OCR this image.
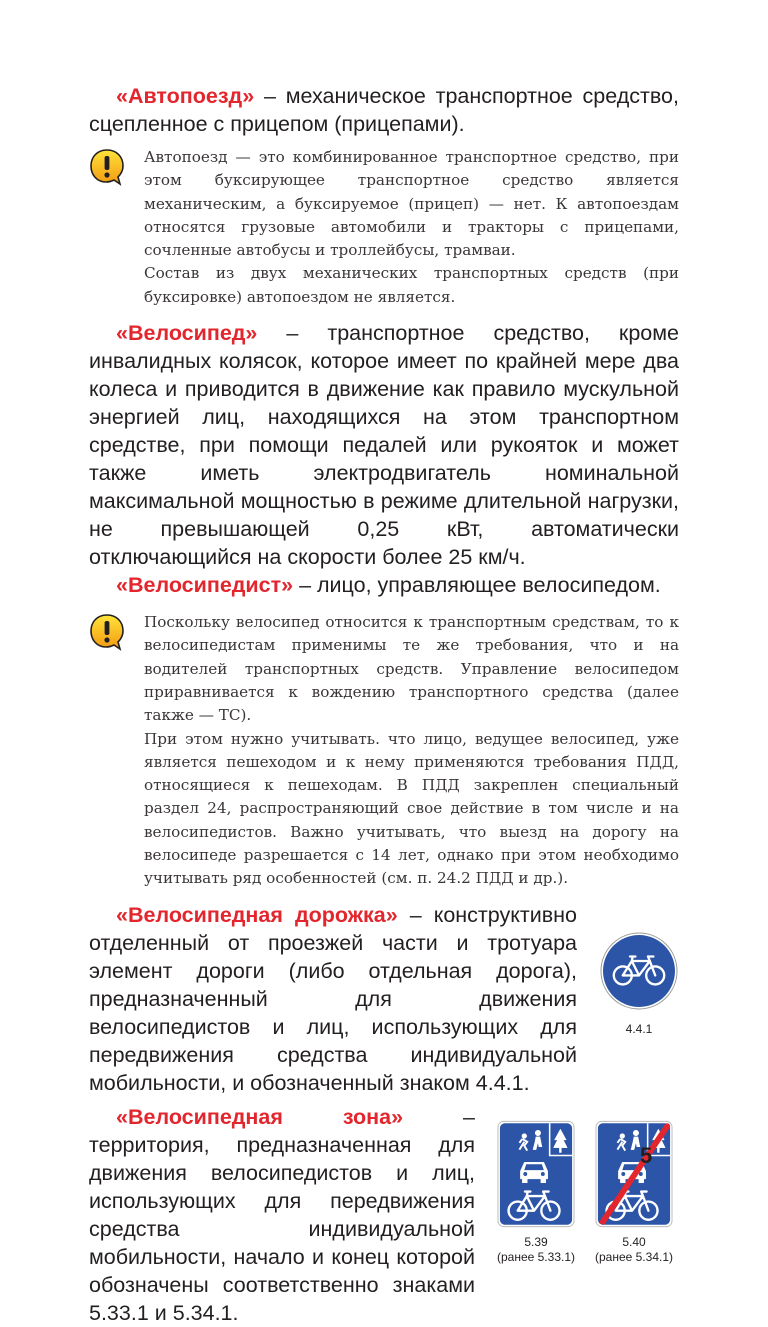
«Автопоезд» – механическое транспортное средство, сцепленное с прицепом (прицепами).

Автопоезд — это комбинированное транспортное средство, при этом буксирующее транспортное средство является механическим, а буксируемое (прицеп) — нет. К автопоездам относятся грузовые автомобили и тракторы с прицепами, сочленные автобусы и троллейбусы, трамваи.

Состав из двух механических транспортных средств (при буксировке) автопоездом не является.

«Велосипед» – транспортное средство, кроме инвалидных колясок, которое имеет по крайней мере два колеса и приводится в движение как правило мускульной энергией лиц, находящихся на этом транспортном средстве, при помощи педалей или рукояток и может также иметь электродвигатель номинальной максимальной мощностью в режиме длительной нагрузки, не превышающей 0,25 кВт, автоматически отключающийся на скорости более 25 км/ч.
«Велосипедист» – лицо, управляющее велосипедом.

Поскольку велосипед относится к транспортным средствам, то к велосипедистам применимы те же требования, что и на водителей транспортных средств. Управление велосипедом приравнивается к вождению транспортного средства (далее также — ТС).

При этом нужно учитывать. что лицо, ведущее велосипед, уже является пешеходом и к нему применяются требования ПДД, относящиеся к пешеходам. В ПДД закреплен специальный раздел 24, распространяющий свое действие в том числе и на велосипедистов. Важно учитывать, что выезд на дорогу на велосипеде разрешается с 14 лет, однако при этом необходимо учитывать ряд особенностей (см. п. 24.2 ПДД и др.).

«Велосипедная дорожка» – конструктивно отделенный от проезжей части и тротуара элемент дороги (либо отдельная дорога), предназначенный для движения велосипедистов и лиц, использующих для передвижения средства индивидуальной мобильности, и обозначенный знаком 4.4.1.
4.4.1
«Велосипедная зона» – территория, предназначенная для движения велосипедистов и лиц, использующих для передвижения средства индивидуальной мобильности, начало и конец которой обозначены соответственно знаками 5.33.1 и 5.34.1.
5.39
(ранее 5.33.1)
5.40
(ранее 5.34.1)
5
